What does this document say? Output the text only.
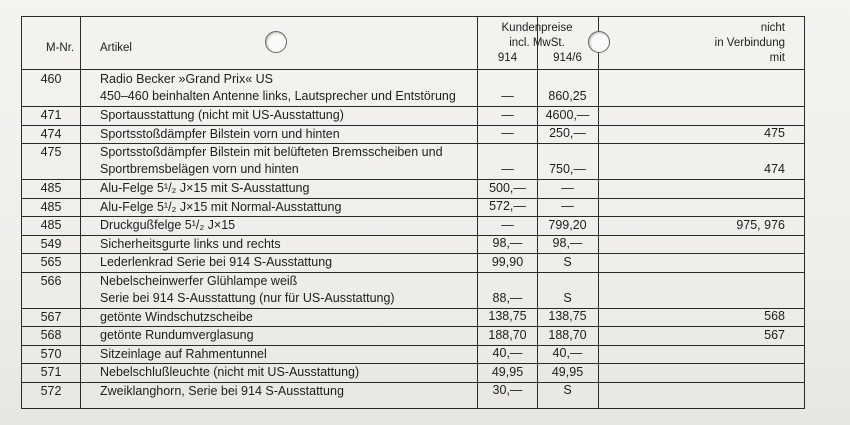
M-Nr. Artikel
Kundenpreise
incl. MwSt.
914	914/6
nicht
in Verbindung
mit
460	Radio Becker »Grand Prix« US
450–460 beinhalten Antenne links, Lautsprecher und Entstörung	—	860,25
471	Sportausstattung (nicht mit US-Ausstattung)	—	4600,—
474	Sportsstoßdämpfer Bilstein vorn und hinten	—	250,—	475
475	Sportsstoßdämpfer Bilstein mit belüfteten Bremsscheiben und
Sportbremsbelägen vorn und hinten	—	750,—	474
485	Alu-Felge 5¹/₂ J×15 mit S-Ausstattung	500,—	—
485	Alu-Felge 5¹/₂ J×15 mit Normal-Ausstattung	572,—	—
485	Druckgußfelge 5¹/₂ J×15	—	799,20	975, 976
549	Sicherheitsgurte links und rechts	98,—	98,—
565	Lederlenkrad Serie bei 914 S-Ausstattung	99,90	S
566	Nebelscheinwerfer Glühlampe weiß
Serie bei 914 S-Ausstattung (nur für US-Ausstattung)	88,—	S
567	getönte Windschutzscheibe	138,75	138,75	568
568	getönte Rundumverglasung	188,70	188,70	567
570	Sitzeinlage auf Rahmentunnel	40,—	40,—
571	Nebelschlußleuchte (nicht mit US-Ausstattung)	49,95	49,95
572	Zweiklanghorn, Serie bei 914 S-Ausstattung	30,—	S
